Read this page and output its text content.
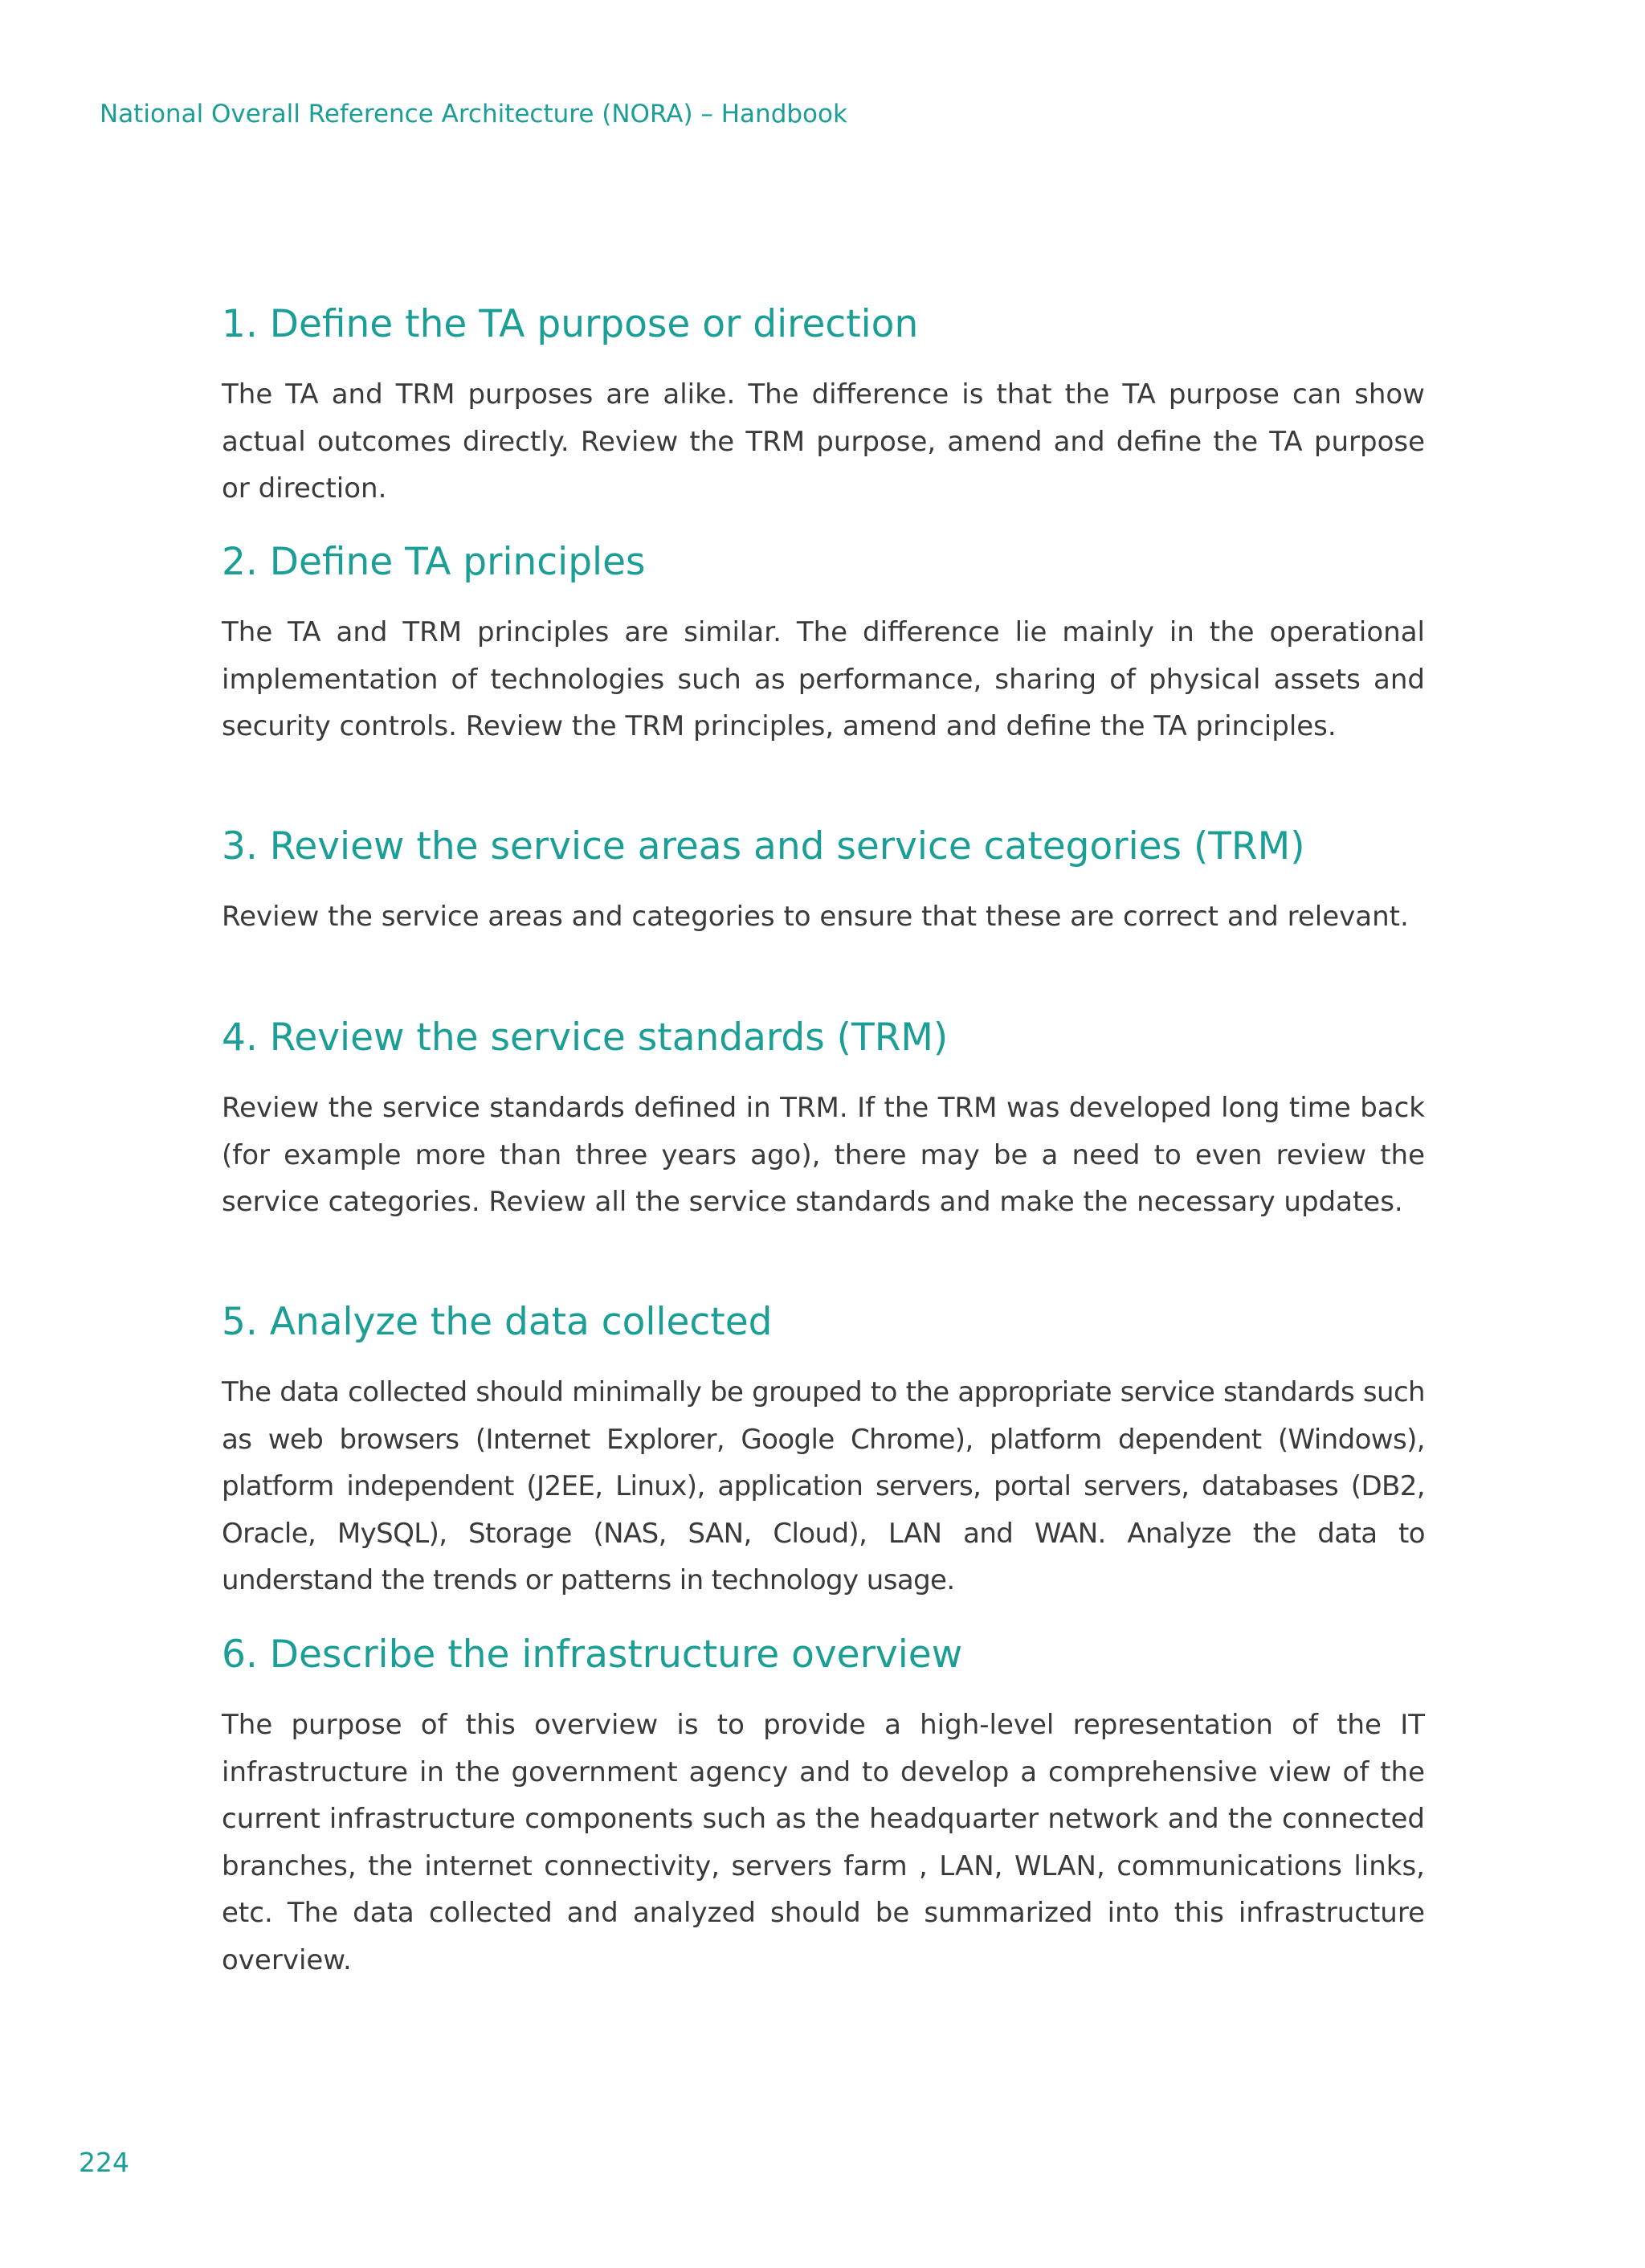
National Overall Reference Architecture (NORA) – Handbook
1. Define the TA purpose or direction

The TA and TRM purposes are alike. The difference is that the TA purpose can show actual outcomes directly. Review the TRM purpose, amend and define the TA purpose or direction.

2. Define TA principles

The TA and TRM principles are similar. The difference lie mainly in the operational implementation of technologies such as performance, sharing of physical assets and security controls. Review the TRM principles, amend and define the TA principles.

3. Review the service areas and service categories (TRM)

Review the service areas and categories to ensure that these are correct and relevant.

4. Review the service standards (TRM)

Review the service standards defined in TRM. If the TRM was developed long time back (for example more than three years ago), there may be a need to even review the service categories. Review all the service standards and make the necessary updates.

5. Analyze the data collected

The data collected should minimally be grouped to the appropriate service standards such as web browsers (Internet Explorer, Google Chrome), platform dependent (Windows), platform independent (J2EE, Linux), application servers, portal servers, databases (DB2, Oracle, MySQL), Storage (NAS, SAN, Cloud), LAN and WAN. Analyze the data to understand the trends or patterns in technology usage.

6. Describe the infrastructure overview

The purpose of this overview is to provide a high-level representation of the IT infrastructure in the government agency and to develop a comprehensive view of the current infrastructure components such as the headquarter network and the connected branches, the internet connectivity, servers farm , LAN, WLAN, communications links, etc. The data collected and analyzed should be summarized into this infrastructure overview.

224
